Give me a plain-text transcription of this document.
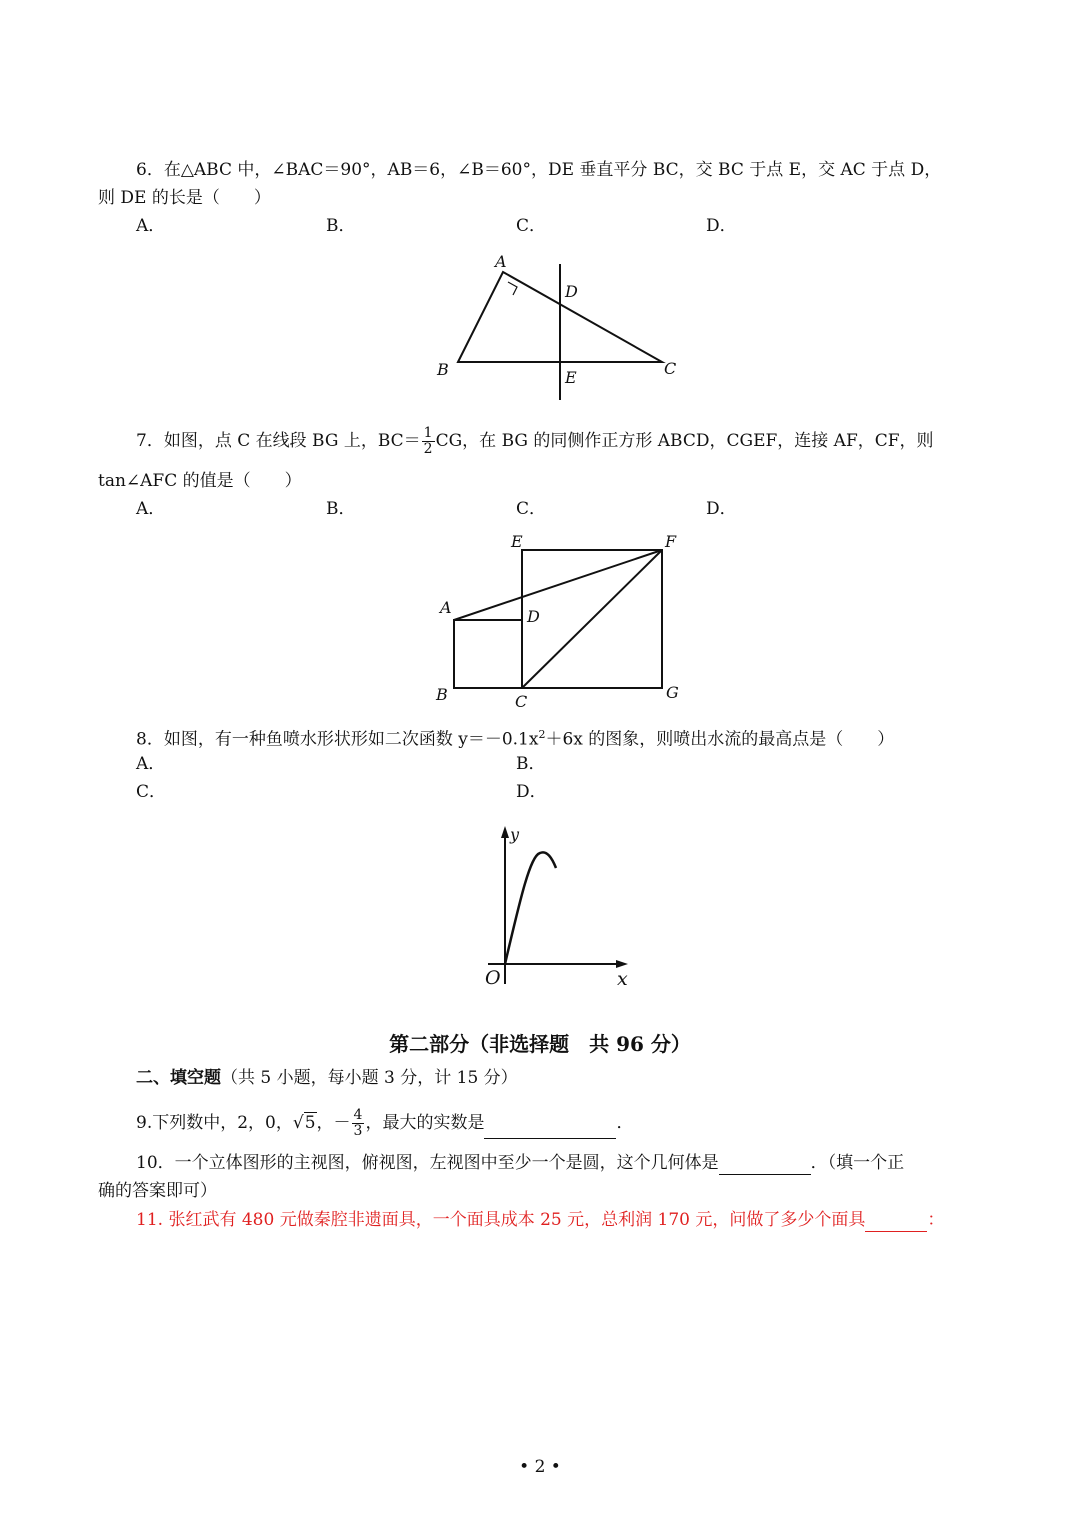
6．在△ABC 中，∠BAC＝90°，AB＝6，∠B＝60°，DE 垂直平分 BC，交 BC 于点 E，交 AC 于点 D，
则 DE 的长是（　　）
A．	B．	C．	D．
A
B	C
D
E
7．如图，点 C 在线段 BG 上，$BC= \frac{1}{2}$ CG，在 BG 的同侧作正方形 ABCD，CGEF，连接 AF，CF，则
tan∠AFC 的值是（　　）
A．	B．	C．	D．
A
B	C
D
E	F
G
8．如图，有一种鱼喷水形状形如二次函数 $y=-0.1x^2+6x$ 的图象，则喷出水流的最高点是（　　）
A．	B．
C．	D．
y
O	x
第二部分（非选择题　共 96 分）
二、填空题（共 5 小题，每小题 3 分，计 15 分）
9.下列数中，2，0，√5，－ $\frac{4}{3}$ ，最大的实数是	．
10．一个立体图形的主视图，俯视图，左视图中至少一个是圆，这个几何体是	．（填一个正
确的答案即可）
11. 张红武有 480 元做秦腔非遗面具，一个面具成本 25 元，总利润 170 元，问做了多少个面具	：
• 2 •
